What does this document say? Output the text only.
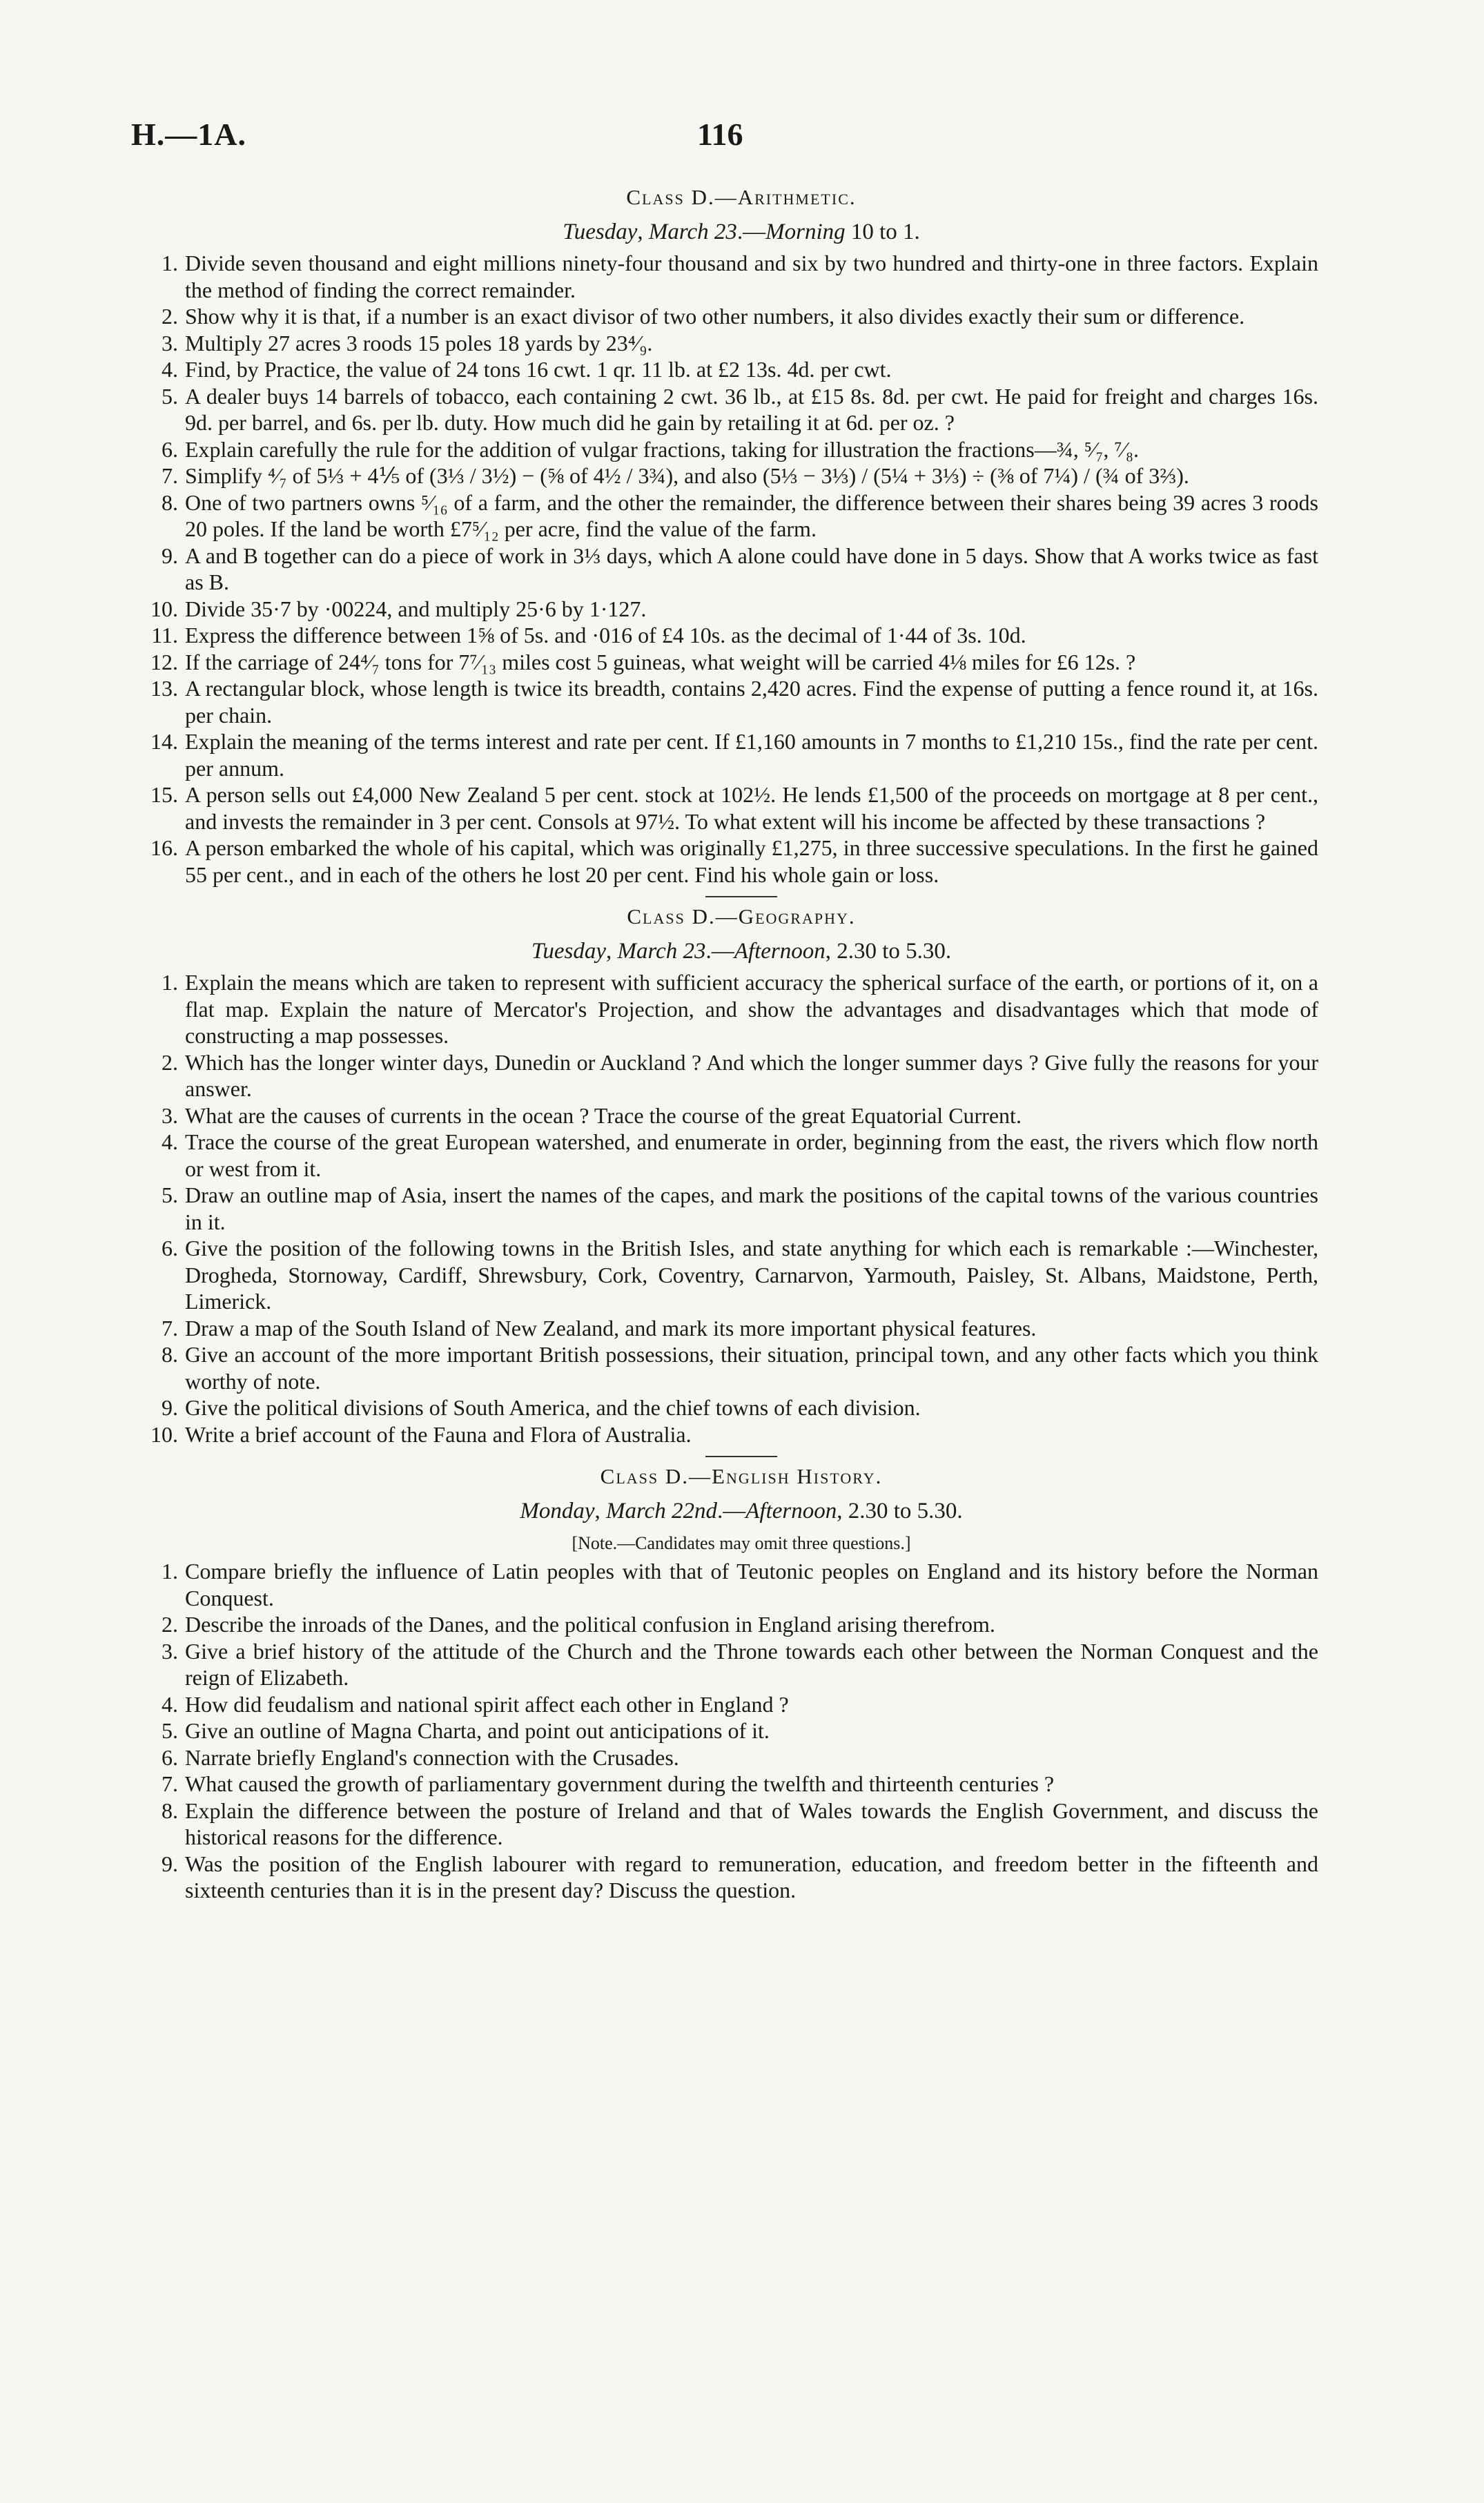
H.—1A.	116

Class D.—Arithmetic.

Tuesday, March 23.—Morning 10 to 1.

1. Divide seven thousand and eight millions ninety-four thousand and six by two hundred and thirty-one in three factors. Explain the method of finding the correct remainder.
2. Show why it is that, if a number is an exact divisor of two other numbers, it also divides exactly their sum or difference.
3. Multiply 27 acres 3 roods 15 poles 18 yards by 23⁴⁄₉.
4. Find, by Practice, the value of 24 tons 16 cwt. 1 qr. 11 lb. at £2 13s. 4d. per cwt.
5. A dealer buys 14 barrels of tobacco, each containing 2 cwt. 36 lb., at £15 8s. 8d. per cwt. He paid for freight and charges 16s. 9d. per barrel, and 6s. per lb. duty. How much did he gain by retailing it at 6d. per oz. ?
6. Explain carefully the rule for the addition of vulgar fractions, taking for illustration the fractions—¾, ⁵⁄₇, ⁷⁄₈.
7. Simplify ⁴⁄₇ of 5⅓ + 4⅕ of (3⅓ / 3½) − (⅝ of 4½ / 3¾), and also (5⅓ − 3⅓) / (5¼ + 3⅓) ÷ (⅜ of 7¼) / (¾ of 3⅔).
8. One of two partners owns ⁵⁄₁₆ of a farm, and the other the remainder, the difference between their shares being 39 acres 3 roods 20 poles. If the land be worth £7⁵⁄₁₂ per acre, find the value of the farm.
9. A and B together can do a piece of work in 3⅓ days, which A alone could have done in 5 days. Show that A works twice as fast as B.
10. Divide 35·7 by ·00224, and multiply 25·6 by 1·127.
11. Express the difference between 1⅝ of 5s. and ·016 of £4 10s. as the decimal of 1·44 of 3s. 10d.
12. If the carriage of 24⁴⁄₇ tons for 7⁷⁄₁₃ miles cost 5 guineas, what weight will be carried 4⅛ miles for £6 12s. ?
13. A rectangular block, whose length is twice its breadth, contains 2,420 acres. Find the expense of putting a fence round it, at 16s. per chain.
14. Explain the meaning of the terms interest and rate per cent. If £1,160 amounts in 7 months to £1,210 15s., find the rate per cent. per annum.
15. A person sells out £4,000 New Zealand 5 per cent. stock at 102½. He lends £1,500 of the proceeds on mortgage at 8 per cent., and invests the remainder in 3 per cent. Consols at 97½. To what extent will his income be affected by these transactions ?
16. A person embarked the whole of his capital, which was originally £1,275, in three successive speculations. In the first he gained 55 per cent., and in each of the others he lost 20 per cent. Find his whole gain or loss.

Class D.—Geography.

Tuesday, March 23.—Afternoon, 2.30 to 5.30.

1. Explain the means which are taken to represent with sufficient accuracy the spherical surface of the earth, or portions of it, on a flat map. Explain the nature of Mercator's Projection, and show the advantages and disadvantages which that mode of constructing a map possesses.
2. Which has the longer winter days, Dunedin or Auckland ? And which the longer summer days ? Give fully the reasons for your answer.
3. What are the causes of currents in the ocean ? Trace the course of the great Equatorial Current.
4. Trace the course of the great European watershed, and enumerate in order, beginning from the east, the rivers which flow north or west from it.
5. Draw an outline map of Asia, insert the names of the capes, and mark the positions of the capital towns of the various countries in it.
6. Give the position of the following towns in the British Isles, and state anything for which each is remarkable :—Winchester, Drogheda, Stornoway, Cardiff, Shrewsbury, Cork, Coventry, Carnarvon, Yarmouth, Paisley, St. Albans, Maidstone, Perth, Limerick.
7. Draw a map of the South Island of New Zealand, and mark its more important physical features.
8. Give an account of the more important British possessions, their situation, principal town, and any other facts which you think worthy of note.
9. Give the political divisions of South America, and the chief towns of each division.
10. Write a brief account of the Fauna and Flora of Australia.

Class D.—English History.

Monday, March 22nd.—Afternoon, 2.30 to 5.30.

[Note.—Candidates may omit three questions.]

1. Compare briefly the influence of Latin peoples with that of Teutonic peoples on England and its history before the Norman Conquest.
2. Describe the inroads of the Danes, and the political confusion in England arising therefrom.
3. Give a brief history of the attitude of the Church and the Throne towards each other between the Norman Conquest and the reign of Elizabeth.
4. How did feudalism and national spirit affect each other in England ?
5. Give an outline of Magna Charta, and point out anticipations of it.
6. Narrate briefly England's connection with the Crusades.
7. What caused the growth of parliamentary government during the twelfth and thirteenth centuries ?
8. Explain the difference between the posture of Ireland and that of Wales towards the English Government, and discuss the historical reasons for the difference.
9. Was the position of the English labourer with regard to remuneration, education, and freedom better in the fifteenth and sixteenth centuries than it is in the present day? Discuss the question.
